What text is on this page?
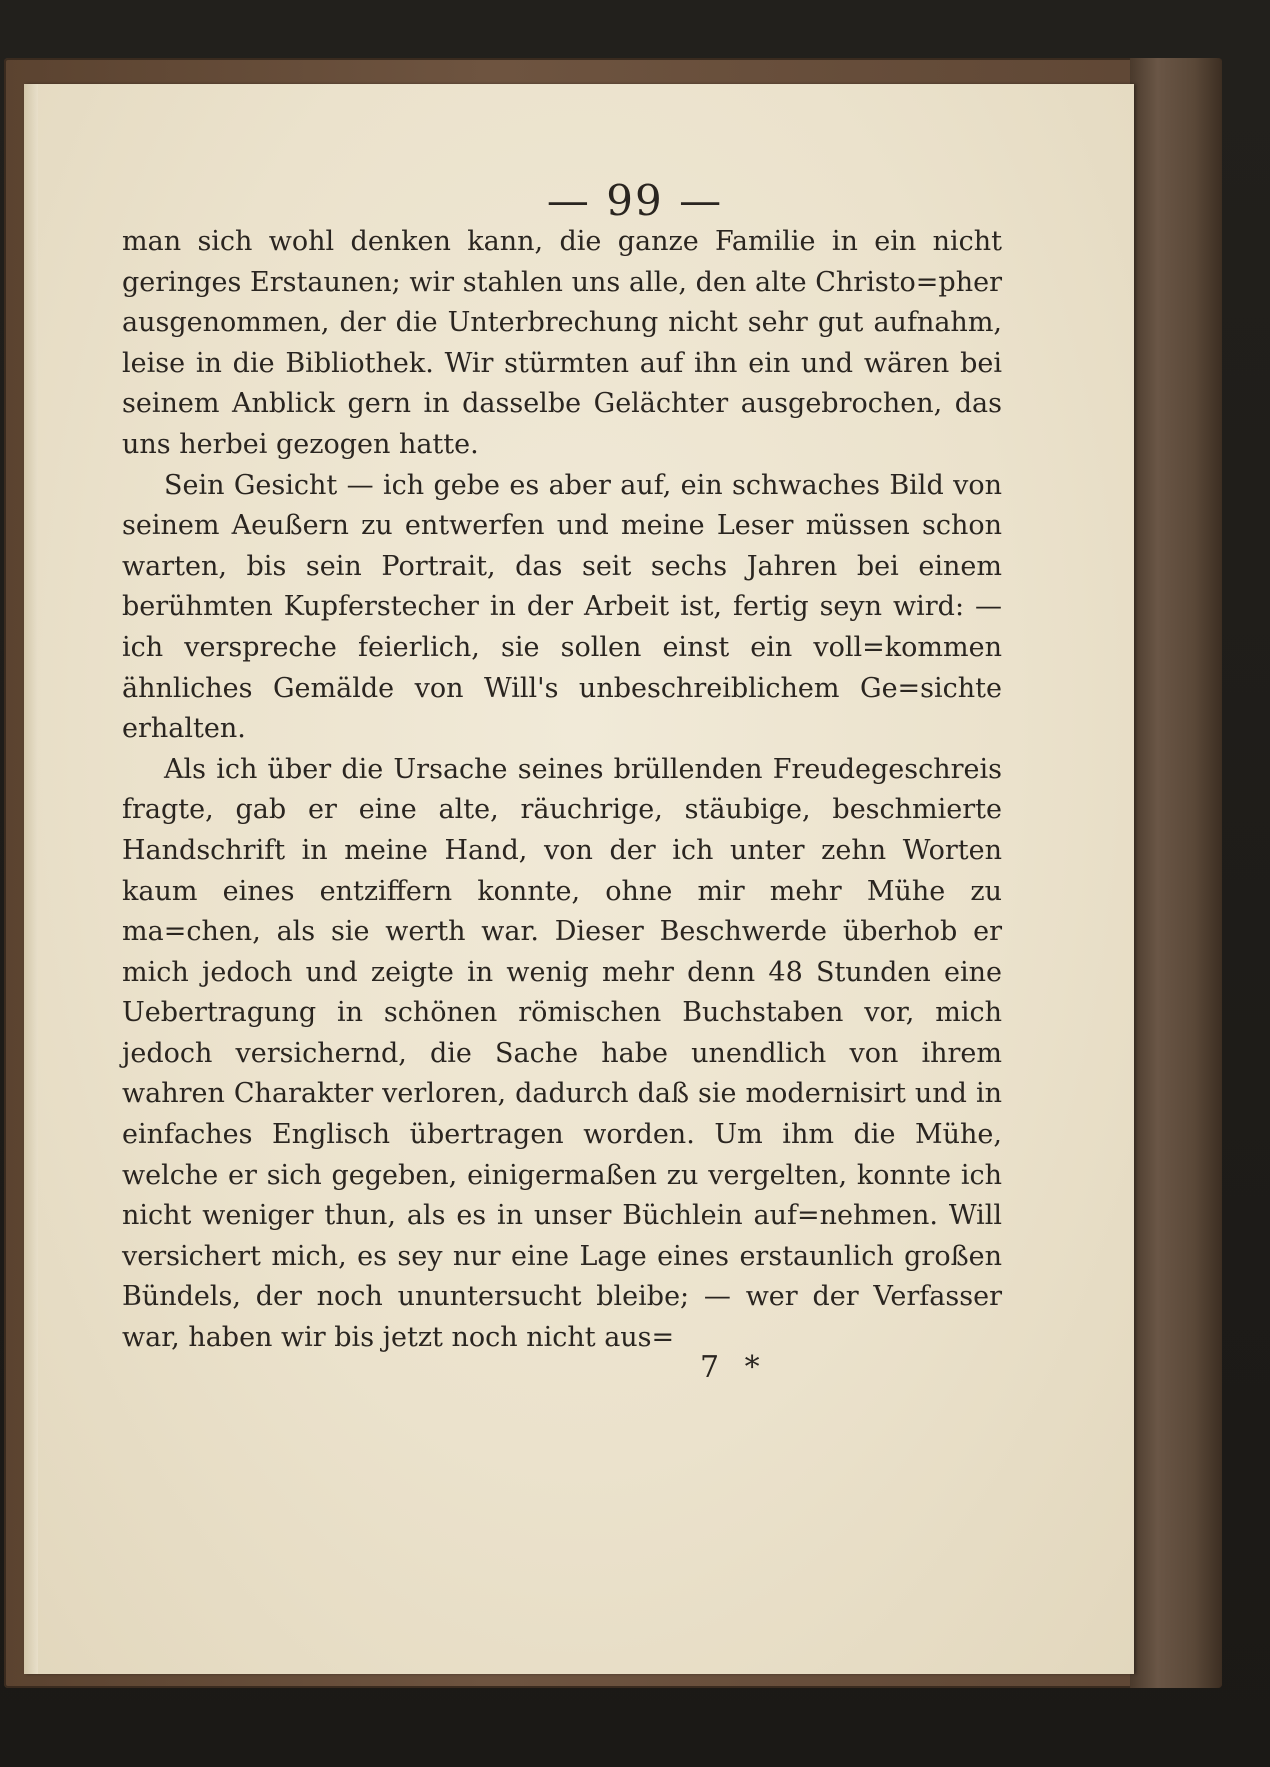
— 99 —

man sich wohl denken kann, die ganze Familie in ein nicht geringes Erstaunen; wir stahlen uns alle, den alte Christo=pher ausgenommen, der die Unterbrechung nicht sehr gut aufnahm, leise in die Bibliothek. Wir stürmten auf ihn ein und wären bei seinem Anblick gern in dasselbe Gelächter ausgebrochen, das uns herbei gezogen hatte.

Sein Gesicht — ich gebe es aber auf, ein schwaches Bild von seinem Aeußern zu entwerfen und meine Leser müssen schon warten, bis sein Portrait, das seit sechs Jahren bei einem berühmten Kupferstecher in der Arbeit ist, fertig seyn wird: — ich verspreche feierlich, sie sollen einst ein voll=kommen ähnliches Gemälde von Will's unbeschreiblichem Ge=sichte erhalten.

Als ich über die Ursache seines brüllenden Freudegeschreis fragte, gab er eine alte, räuchrige, stäubige, beschmierte Handschrift in meine Hand, von der ich unter zehn Worten kaum eines entziffern konnte, ohne mir mehr Mühe zu ma=chen, als sie werth war. Dieser Beschwerde überhob er mich jedoch und zeigte in wenig mehr denn 48 Stunden eine Uebertragung in schönen römischen Buchstaben vor, mich jedoch versichernd, die Sache habe unendlich von ihrem wahren Charakter verloren, dadurch daß sie modernisirt und in einfaches Englisch übertragen worden. Um ihm die Mühe, welche er sich gegeben, einigermaßen zu vergelten, konnte ich nicht weniger thun, als es in unser Büchlein auf=nehmen. Will versichert mich, es sey nur eine Lage eines erstaunlich großen Bündels, der noch ununtersucht bleibe; — wer der Verfasser war, haben wir bis jetzt noch nicht aus=

7 *
